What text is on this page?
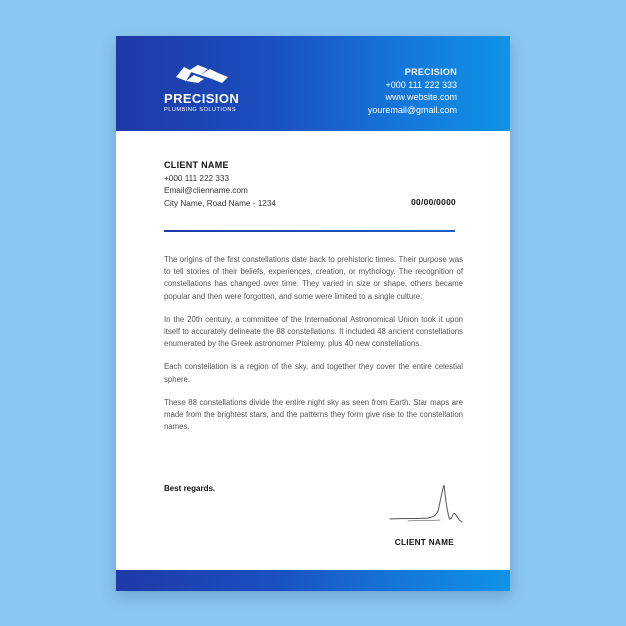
PRECISION
PLUMBING SOLUTIONS
PRECISION
+000 111 222 333
www.website.com
youremail@gmail.com
CLIENT NAME
+000 111 222 333
Email@clienname.com
City Name, Road Name - 1234	00/00/0000

The origins of the first constellations date back to prehistoric times. Their purpose was to tell stories of their beliefs, experiences, creation, or mythology. The recognition of constellations has changed over time. They varied in size or shape, others became popular and then were forgotten, and some were limited to a single culture.

In the 20th century, a committee of the International Astronomical Union took it upon itself to accurately delineate the 88 constellations. It included 48 ancient constellations enumerated by the Greek astronomer Ptolemy, plus 40 new constellations.

Each constellation is a region of the sky, and together they cover the entire celestial sphere.

These 88 constellations divide the entire night sky as seen from Earth. Star maps are made from the brightest stars, and the patterns they form give rise to the constellation names.

Best regards.
CLIENT NAME
